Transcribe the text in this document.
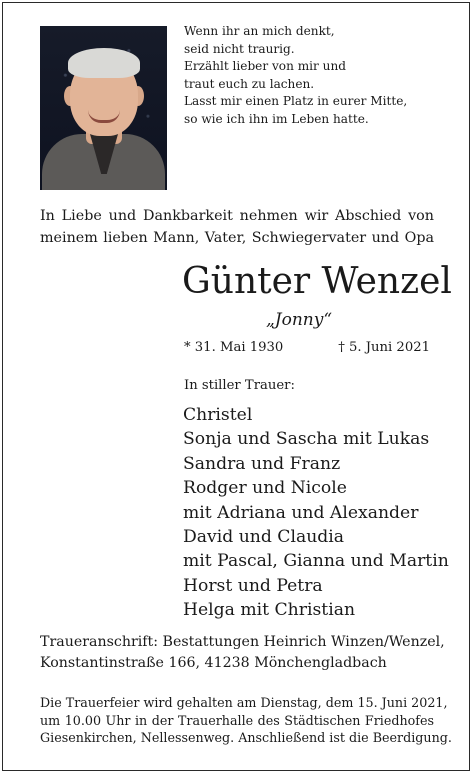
Wenn ihr an mich denkt,
seid nicht traurig.
Erzählt lieber von mir und
traut euch zu lachen.
Lasst mir einen Platz in eurer Mitte,
so wie ich ihn im Leben hatte.

In Liebe und Dankbarkeit nehmen wir Abschied von
meinem lieben Mann, Vater, Schwiegervater und Opa

Günter Wenzel
„Jonny“
* 31. Mai 1930	† 5. Juni 2021
In stiller Trauer:
Christel
Sonja und Sascha mit Lukas
Sandra und Franz
Rodger und Nicole
mit Adriana und Alexander
David und Claudia
mit Pascal, Gianna und Martin
Horst und Petra
Helga mit Christian
Traueranschrift: Bestattungen Heinrich Winzen/Wenzel,
Konstantinstraße 166, 41238 Mönchengladbach
Die Trauerfeier wird gehalten am Dienstag, dem 15. Juni 2021,
um 10.00 Uhr in der Trauerhalle des Städtischen Friedhofes
Giesenkirchen, Nellessenweg. Anschließend ist die Beerdigung.
